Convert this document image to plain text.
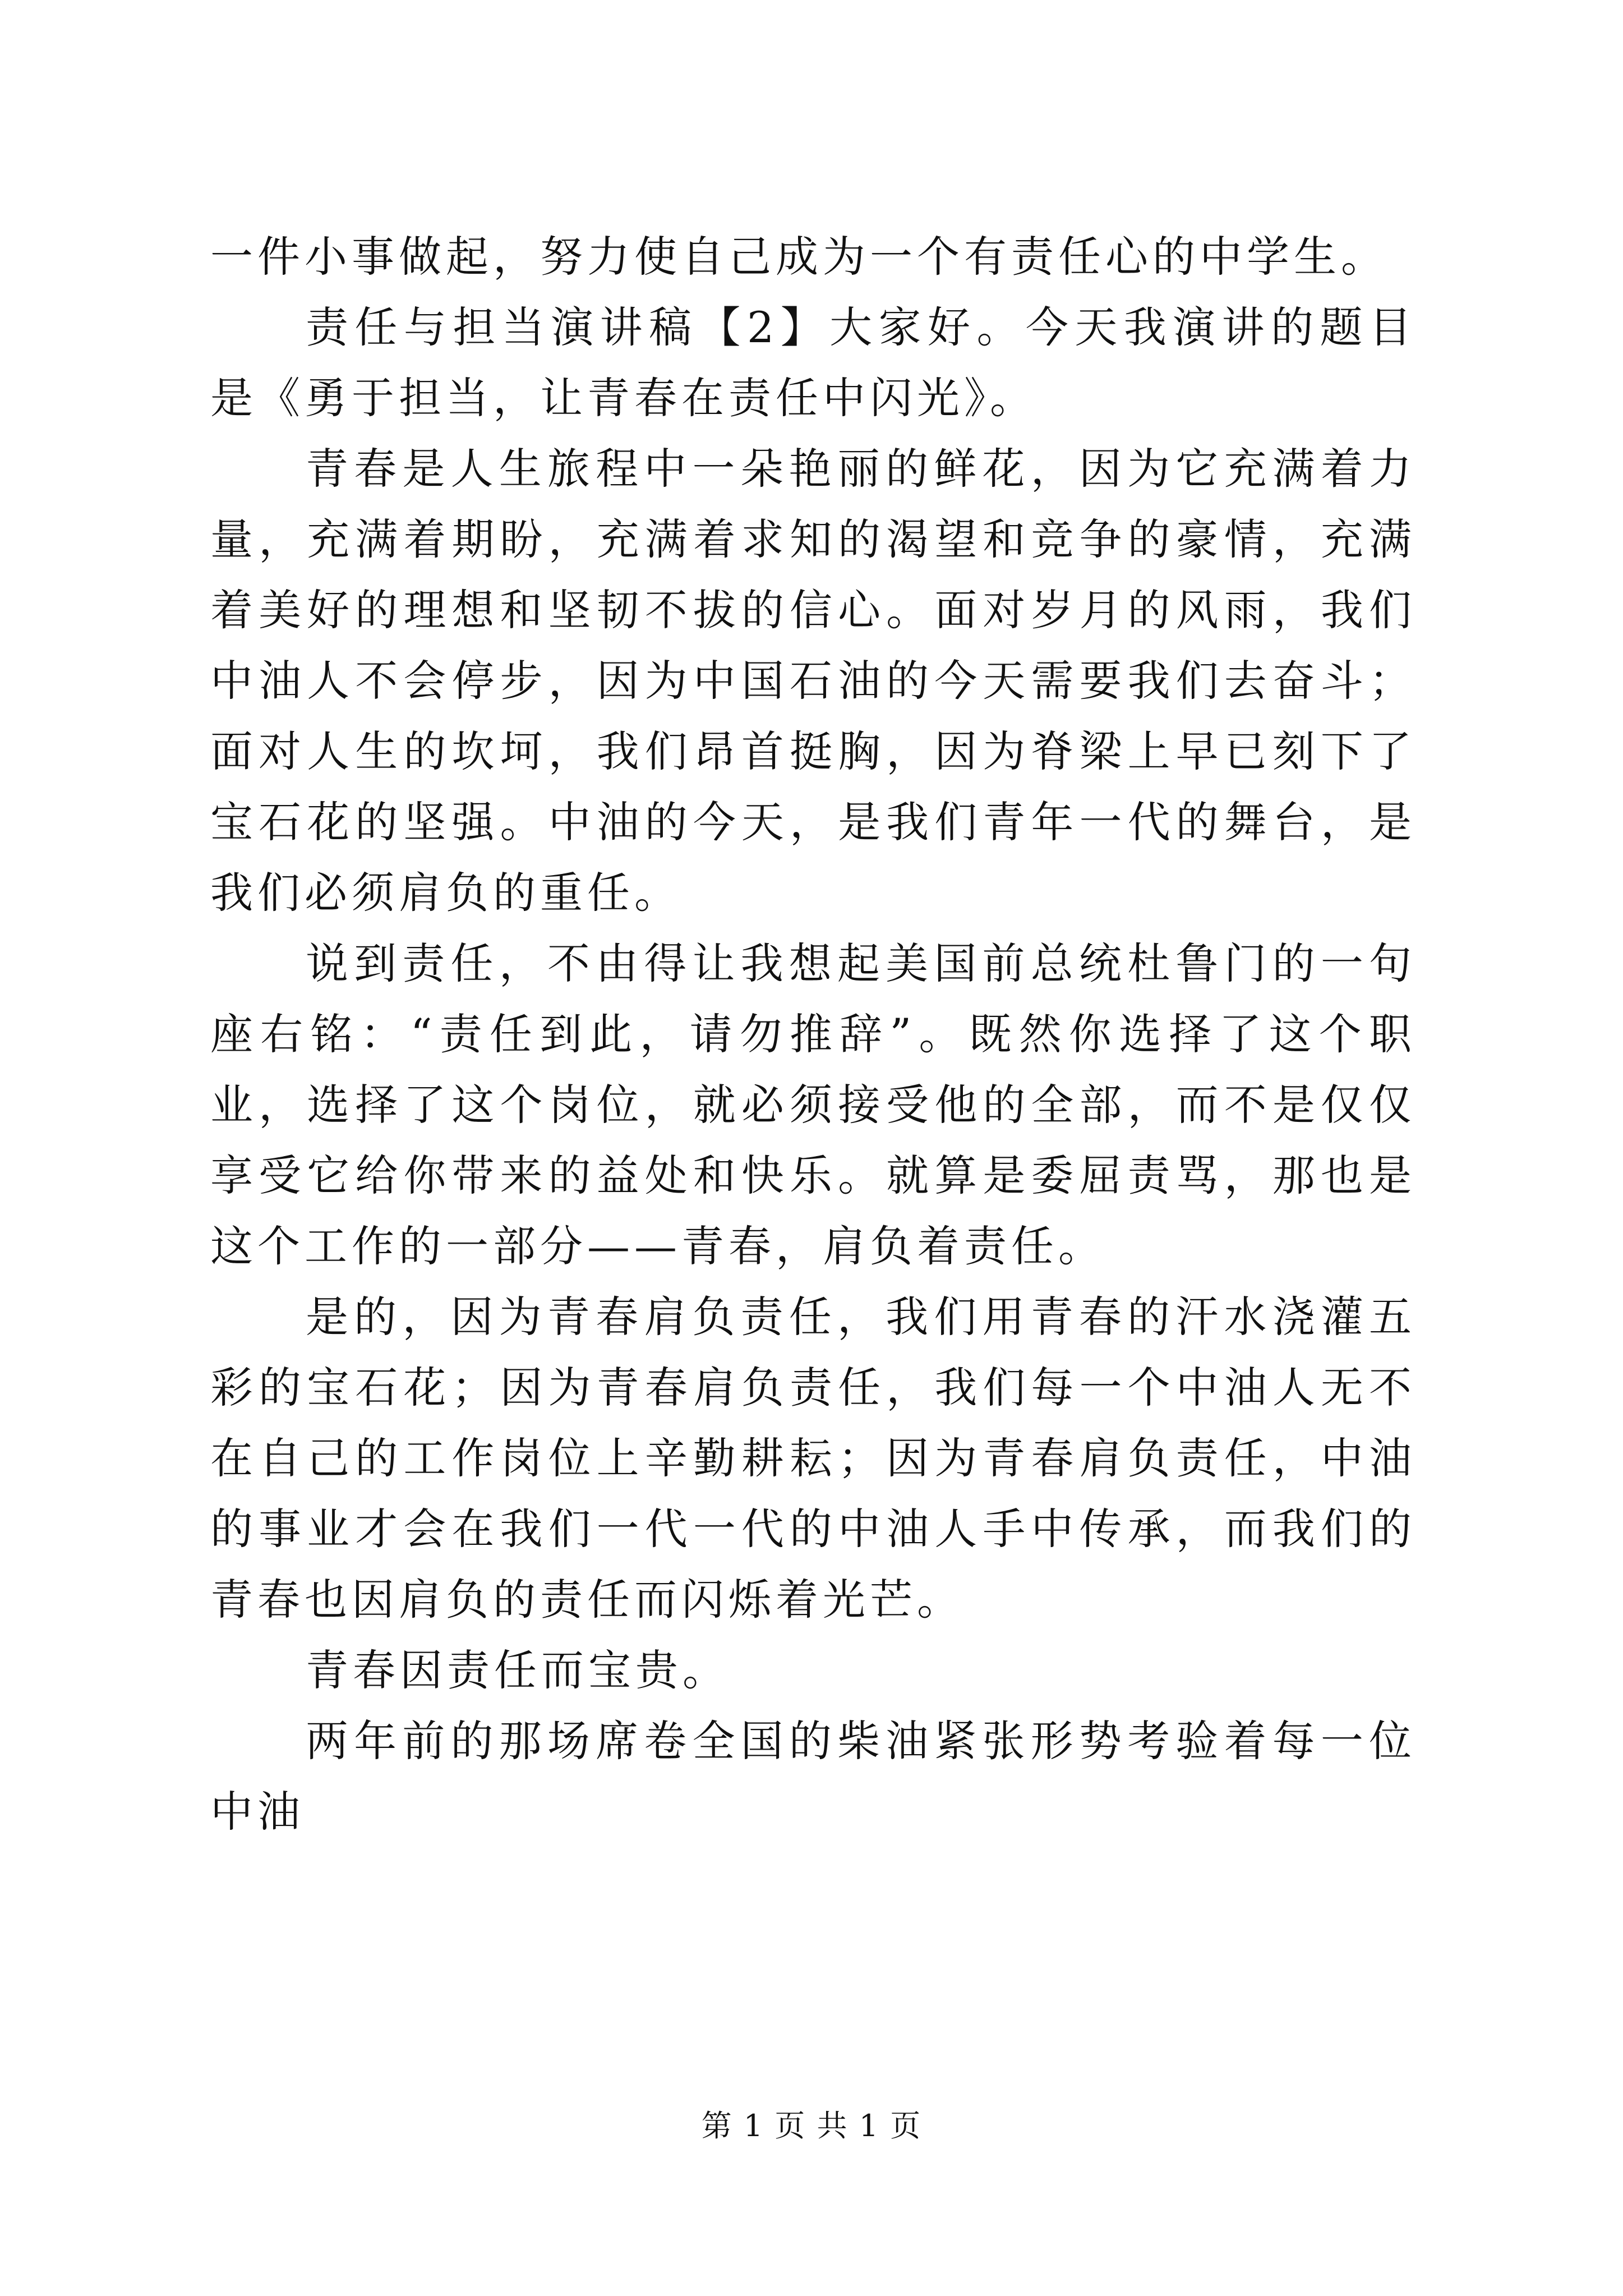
一件小事做起，努力使自己成为一个有责任心的中学生。

责任与担当演讲稿【2】大家好。今天我演讲的题目是《勇于担当，让青春在责任中闪光》。

青春是人生旅程中一朵艳丽的鲜花，因为它充满着力量，充满着期盼，充满着求知的渴望和竞争的豪情，充满着美好的理想和坚韧不拔的信心。面对岁月的风雨，我们中油人不会停步，因为中国石油的今天需要我们去奋斗；面对人生的坎坷，我们昂首挺胸，因为脊梁上早已刻下了宝石花的坚强。中油的今天，是我们青年一代的舞台，是我们必须肩负的重任。

说到责任，不由得让我想起美国前总统杜鲁门的一句座右铭：“责任到此，请勿推辞”。既然你选择了这个职业，选择了这个岗位，就必须接受他的全部，而不是仅仅享受它给你带来的益处和快乐。就算是委屈责骂，那也是这个工作的一部分——青春，肩负着责任。

是的，因为青春肩负责任，我们用青春的汗水浇灌五彩的宝石花；因为青春肩负责任，我们每一个中油人无不在自己的工作岗位上辛勤耕耘；因为青春肩负责任，中油的事业才会在我们一代一代的中油人手中传承，而我们的青春也因肩负的责任而闪烁着光芒。

青春因责任而宝贵。

两年前的那场席卷全国的柴油紧张形势考验着每一位中油

第 1 页 共 1 页
